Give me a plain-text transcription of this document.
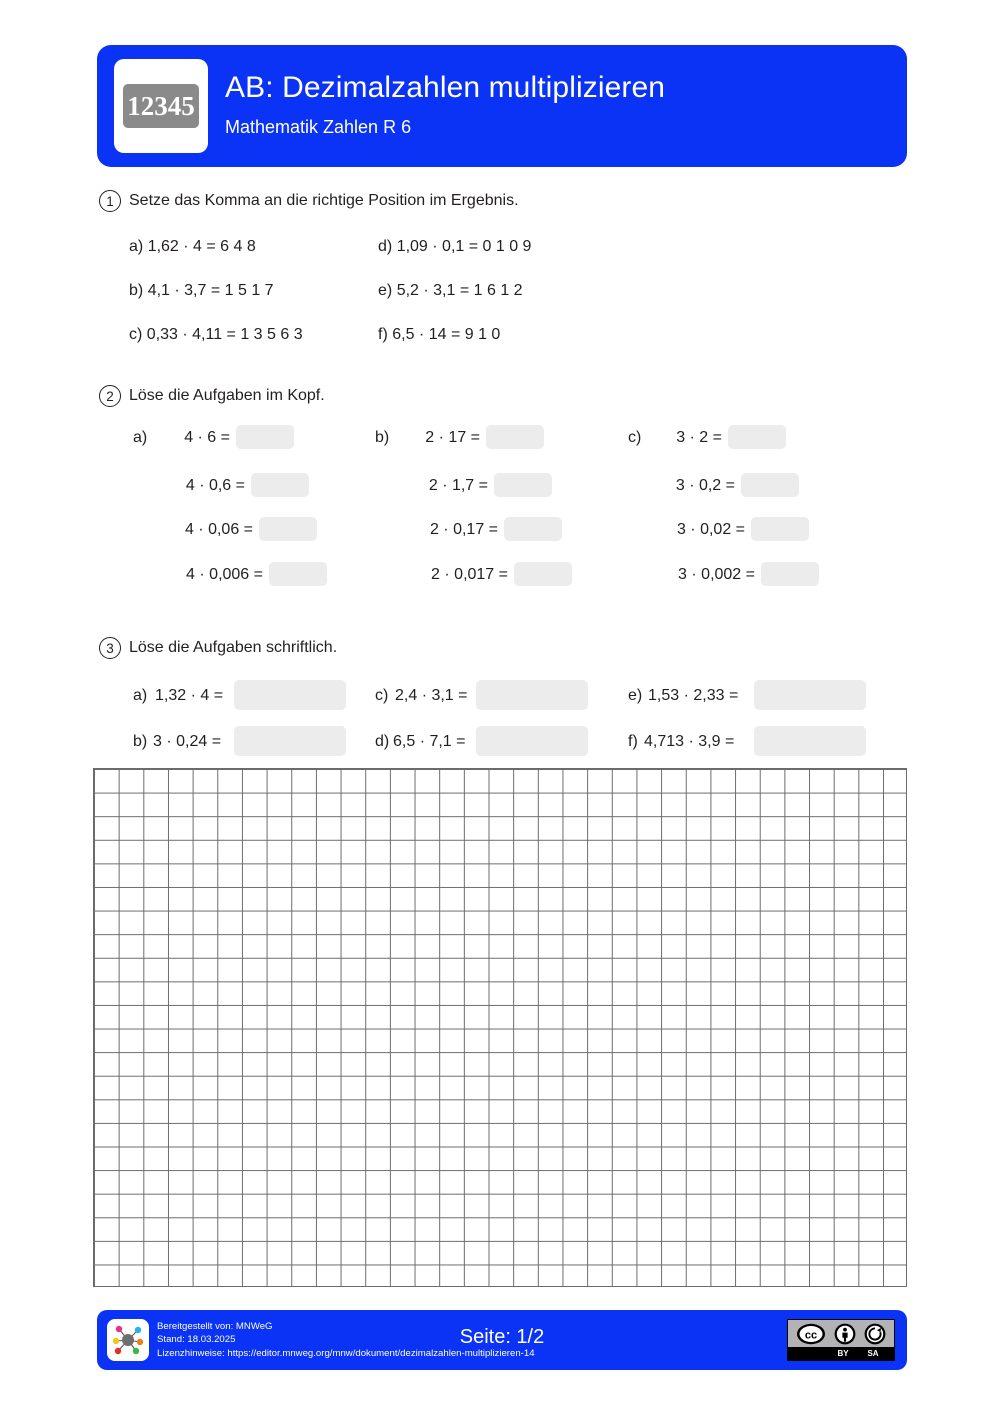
12345
AB: Dezimalzahlen multiplizieren
Mathematik Zahlen R 6
1 Setze das Komma an die richtige Position im Ergebnis.
a) 1,62 · 4 = 6 4 8
b) 4,1 · 3,7 = 1 5 1 7
c) 0,33 · 4,11 = 1 3 5 6 3
d) 1,09 · 0,1 = 0 1 0 9
e) 5,2 · 3,1 = 1 6 1 2
f) 6,5 · 14 = 9 1 0
2 Löse die Aufgaben im Kopf.
a)	4 · 6 =
4 · 0,6 =
4 · 0,06 =
4 · 0,006 =
b)	2 · 17 =
2 · 1,7 =
2 · 0,17 =
2 · 0,017 =
c)	3 · 2 =
3 · 0,2 =
3 · 0,02 =
3 · 0,002 =
3 Löse die Aufgaben schriftlich.
a) 1,32 · 4 =
b) 3 · 0,24 =
c) 2,4 · 3,1 =
d) 6,5 · 7,1 =
e) 1,53 · 2,33 =
f) 4,713 · 3,9 =
Bereitgestellt von: MNWeG
Stand: 18.03.2025
Lizenzhinweise: https://editor.mnweg.org/mnw/dokument/dezimalzahlen-multiplizieren-14
Seite: 1/2	cc
BY	SA
